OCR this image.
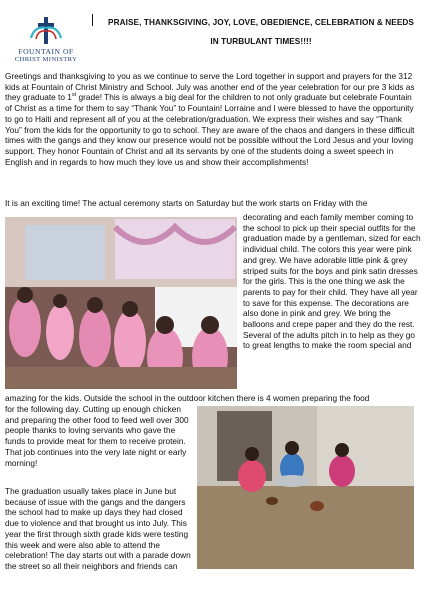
FOUNTAIN OF
CHRIST MINISTRY
PRAISE, THANKSGIVING, JOY, LOVE, OBEDIENCE, CELEBRATION & NEEDS IN TURBULANT TIMES!!!!

Greetings and thanksgiving to you as we continue to serve the Lord together in support and prayers for the 312 kids at Fountain of Christ Ministry and School. July was another end of the year celebration for our pre 3 kids as they graduate to 1st grade! This is always a big deal for the children to not only graduate but celebrate Fountain of Christ as a time for them to say “Thank You” to Fountain! Lorraine and I were blessed to have the opportunity to go to Haiti and represent all of you at the celebration/graduation. We express their wishes and say “Thank You” from the kids for the opportunity to go to school. They are aware of the chaos and dangers in these difficult times with the gangs and they know our presence would not be possible without the Lord Jesus and your loving support. They honor Fountain of Christ and all its servants by one of the students doing a sweet speech in English and in regards to how much they love us and show their accomplishments!

It is an exciting time! The actual ceremony starts on Saturday but the work starts on Friday with the

decorating and each family member coming to the school to pick up their special outfits for the graduation made by a gentleman, sized for each individual child. The colors this year were pink and grey. We have adorable little pink & grey striped suits for the boys and pink satin dresses for the girls. This is the one thing we ask the parents to pay for their child. They have all year to save for this expense. The decorations are also done in pink and grey. We bring the balloons and crepe paper and they do the rest. Several of the adults pitch in to help as they go to great lengths to make the room special and
amazing for the kids. Outside the school in the outdoor kitchen there is 4 women preparing the food
for the following day. Cutting up enough chicken and preparing the other food to feed well over 300 people thanks to loving servants who gave the funds to provide meat for them to receive protein. That job continues into the very late night or early morning!
The graduation usually takes place in June but because of issue with the gangs and the dangers the school had to make up days they had closed due to violence and that brought us into July. This year the first through sixth grade kids were testing this week and were also able to attend the celebration! The day starts out with a parade down the street so all their neighbors and friends can
